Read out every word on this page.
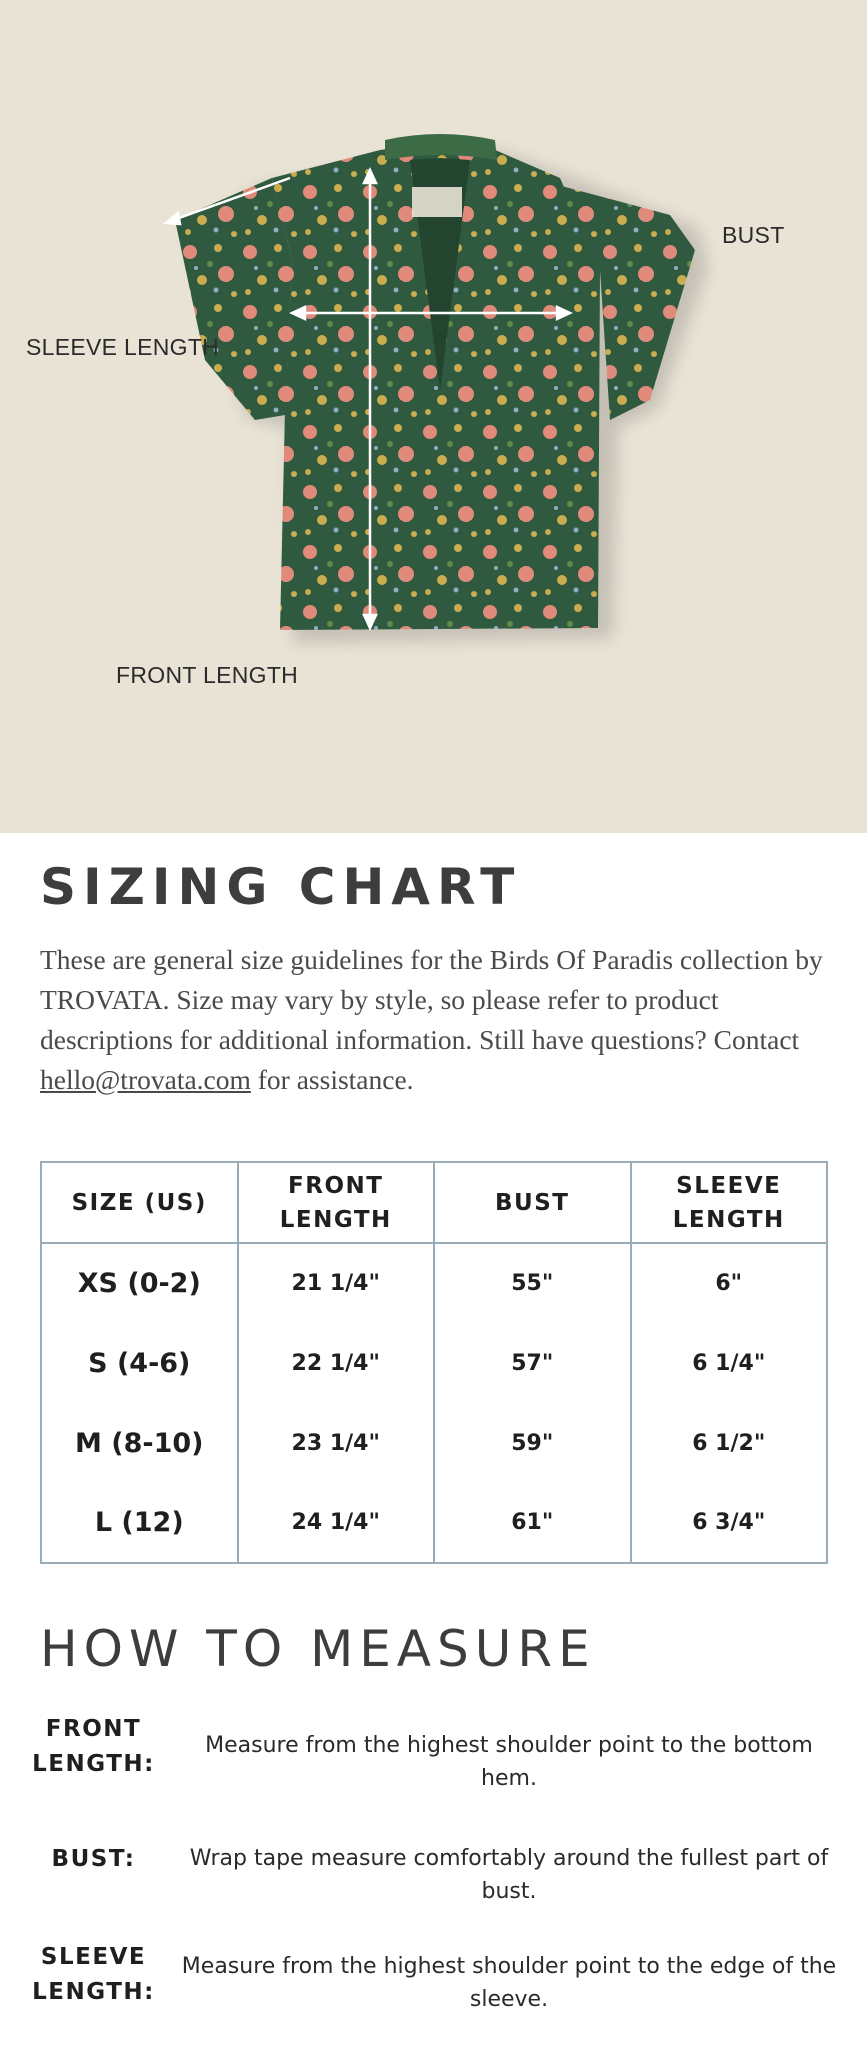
BUST
SLEEVE LENGTH
FRONT LENGTH
SIZING CHART

These are general size guidelines for the Birds Of Paradis collection by TROVATA. Size may vary by style, so please refer to product descriptions for additional information. Still have questions? Contact hello@trovata.com for assistance.

SIZE (US)	FRONT LENGTH	BUST	SLEEVE LENGTH
XS (0-2)	21 1/4"	55"	6"
S (4-6)	22 1/4"	57"	6 1/4"
M (8-10)	23 1/4"	59"	6 1/2"
L (12)	24 1/4"	61"	6 3/4"
HOW TO MEASURE
FRONT LENGTH:
Measure from the highest shoulder point to the bottom hem.
BUST:	Wrap tape measure comfortably around the fullest part of bust.
SLEEVE LENGTH:
Measure from the highest shoulder point to the edge of the sleeve.
